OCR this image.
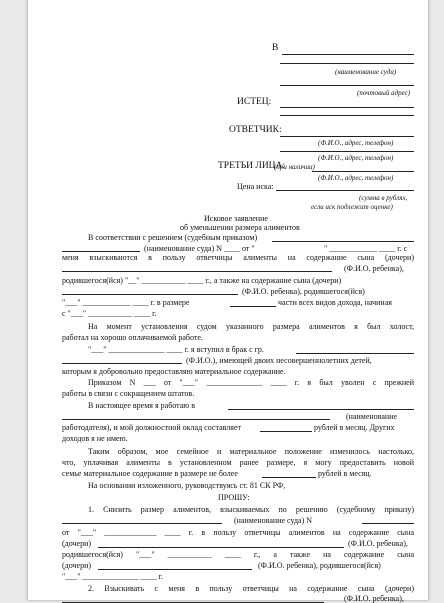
В
(наименование суда)
(почтовый адрес)
ИСТЕЦ:
ОТВЕТЧИК:
(Ф.И.О., адрес, телефон)
(Ф.И.О., адрес, телефон)
ТРЕТЬИ ЛИЦА:
(при наличии)
(Ф.И.О., адрес, телефон)
Цена иска:
(сумма в рублях,
если иск подлежит оценке)
Исковое заявление
об уменьшении размера алиментов
В соответствии с решением (судебным приказом)
(наименование суда) N ____ от "	" ____________ ____ г. с
меня взыскиваются в пользу ответчицы алименты на содержание сына (дочери)
(Ф.И.О. ребенка),
родившегося(йся) "__" ___________ ____ г., а также на содержание сына (дочери)
(Ф.И.О. ребенка), родившегося(йся)
"___" ____________ ____ г. в размере	части всех видов дохода, начиная
с "___" ___________ ____ г.
На момент установления судом указанного размера алиментов я был холост,
работал на хорошо оплачиваемой работе.
"___" ______________ ____ г. я вступил в брак с гр.
(Ф.И.О.), имеющей двоих несовершеннолетних детей,
которым я добровольно предоставляю материальное содержание.
Приказом N ___ от "___" ______________ ____ г. я был уволен с прежней
работы в связи с сокращением штатов.
В настоящее время я работаю в
(наименование
работодателя), и мой должностной оклад составляет	рублей в месяц. Других
доходов я не имею.
Таким образом, мое семейное и материальное положение изменилось настолько,
что, уплачивая алименты в установленном ранее размере, я могу предоставить новой
семье материальное содержание в размере не более	рублей в месяц.
На основании изложенного, руководствуясь ст. 81 СК РФ,
ПРОШУ:
1. Снизить размер алиментов, взыскиваемых по решению (судебному приказу)
(наименование суда) N
от "___" _____________ ____ г. в пользу ответчицы алиментов на содержание сына
(дочери)	(Ф.И.О. ребенка),
родившегося(йся) "___" ___________ ____ г., а также на содержание сына
(дочери)	(Ф.И.О. ребенка), родившегося(йся)
"___" ______________ ____ г.
2. Взыскивать с меня в пользу ответчицы на содержание сына (дочери)
(Ф.И.О. ребенка),
